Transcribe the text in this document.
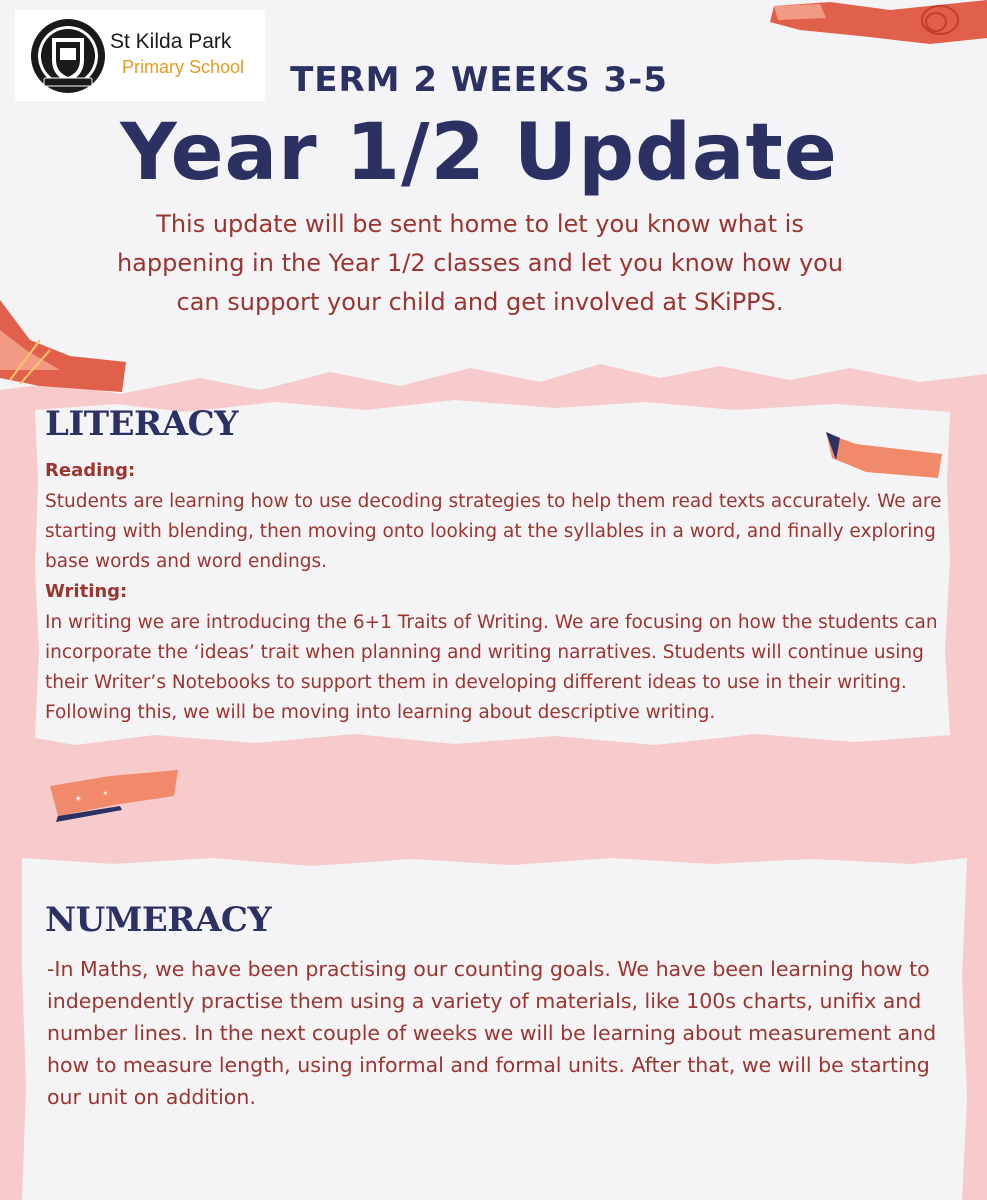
✦
✦
St Kilda Park
Primary School	TERM 2 WEEKS 3-5
Year 1/2 Update
This update will be sent home to let you know what is happening in the Year 1/2 classes and let you know how you can support your child and get involved at SKiPPS.
LITERACY
Reading:
Students are learning how to use decoding strategies to help them read texts accurately. We are starting with blending, then moving onto looking at the syllables in a word, and finally exploring base words and word endings.
Writing:
In writing we are introducing the 6+1 Traits of Writing. We are focusing on how the students can incorporate the ‘ideas’ trait when planning and writing narratives. Students will continue using their Writer’s Notebooks to support them in developing different ideas to use in their writing. Following this, we will be moving into learning about descriptive writing.
NUMERACY
-In Maths, we have been practising our counting goals. We have been learning how to independently practise them using a variety of materials, like 100s charts, unifix and number lines. In the next couple of weeks we will be learning about measurement and how to measure length, using informal and formal units. After that, we will be starting our unit on addition.
